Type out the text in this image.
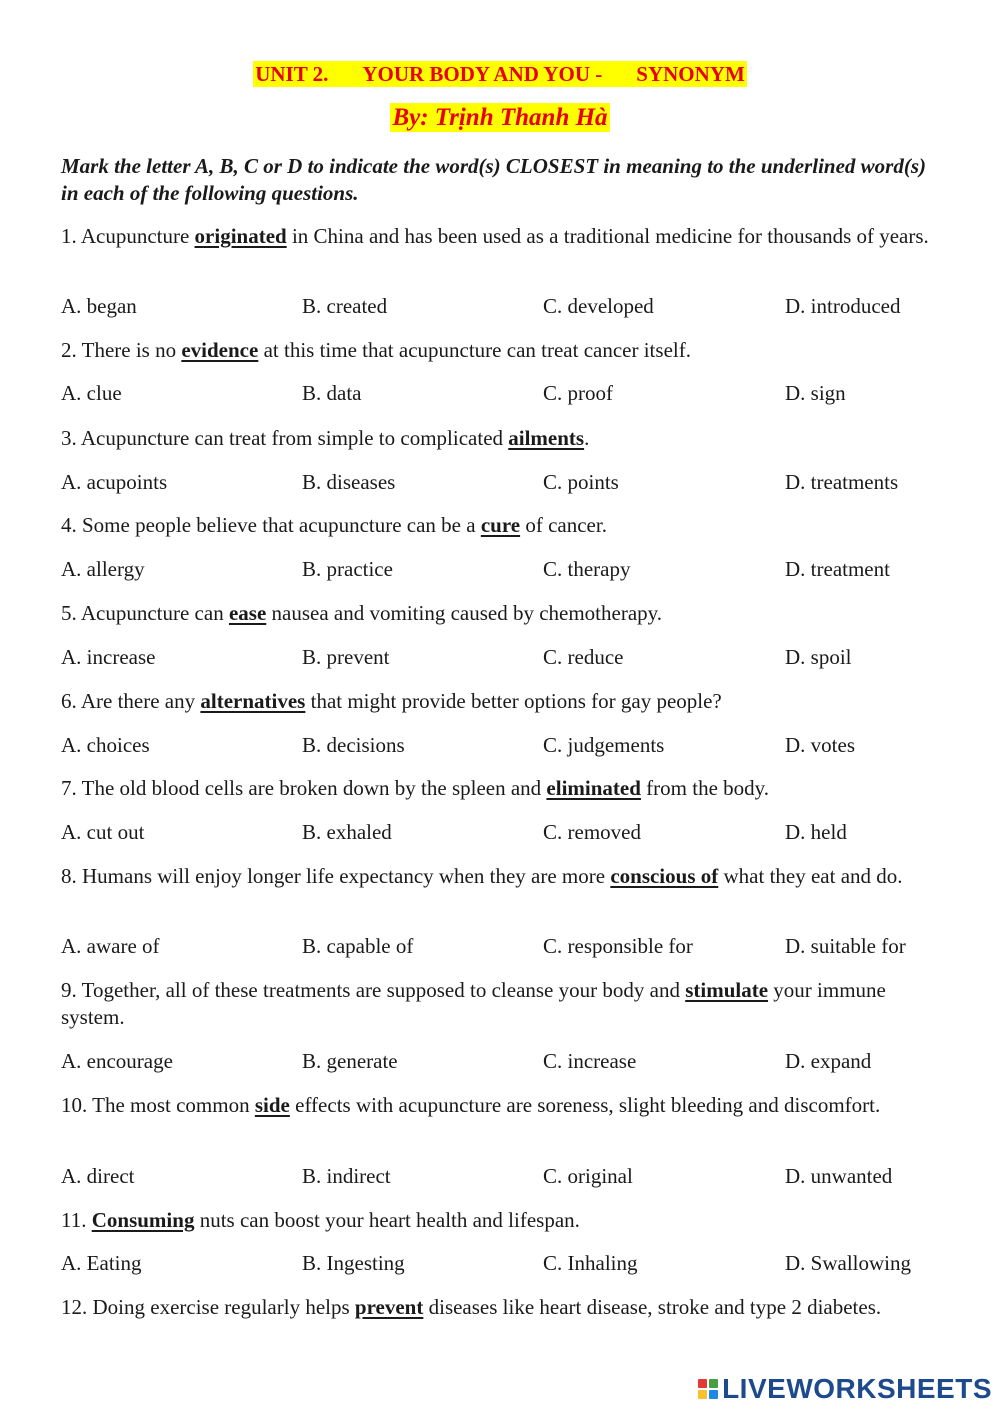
UNIT 2. YOUR BODY AND YOU - SYNONYM
By: Trịnh Thanh Hà
Mark the letter A, B, C or D to indicate the word(s) CLOSEST in meaning to the underlined word(s) in each of the following questions.
1. Acupuncture originated in China and has been used as a traditional medicine for thousands of years.
A. began	B. created	C. developed	D. introduced
2. There is no evidence at this time that acupuncture can treat cancer itself.
A. clue	B. data	C. proof	D. sign
3. Acupuncture can treat from simple to complicated ailments.
A. acupoints	B. diseases	C. points	D. treatments
4. Some people believe that acupuncture can be a cure of cancer.
A. allergy	B. practice	C. therapy	D. treatment
5. Acupuncture can ease nausea and vomiting caused by chemotherapy.
A. increase	B. prevent	C. reduce	D. spoil
6. Are there any alternatives that might provide better options for gay people?
A. choices	B. decisions	C. judgements	D. votes
7. The old blood cells are broken down by the spleen and eliminated from the body.
A. cut out	B. exhaled	C. removed	D. held
8. Humans will enjoy longer life expectancy when they are more conscious of what they eat and do.
A. aware of	B. capable of	C. responsible for	D. suitable for
9. Together, all of these treatments are supposed to cleanse your body and stimulate your immune system.
A. encourage	B. generate	C. increase	D. expand
10. The most common side effects with acupuncture are soreness, slight bleeding and discomfort.
A. direct	B. indirect	C. original	D. unwanted
11. Consuming nuts can boost your heart health and lifespan.
A. Eating	B. Ingesting	C. Inhaling	D. Swallowing
12. Doing exercise regularly helps prevent diseases like heart disease, stroke and type 2 diabetes.
LIVEWORKSHEETS
